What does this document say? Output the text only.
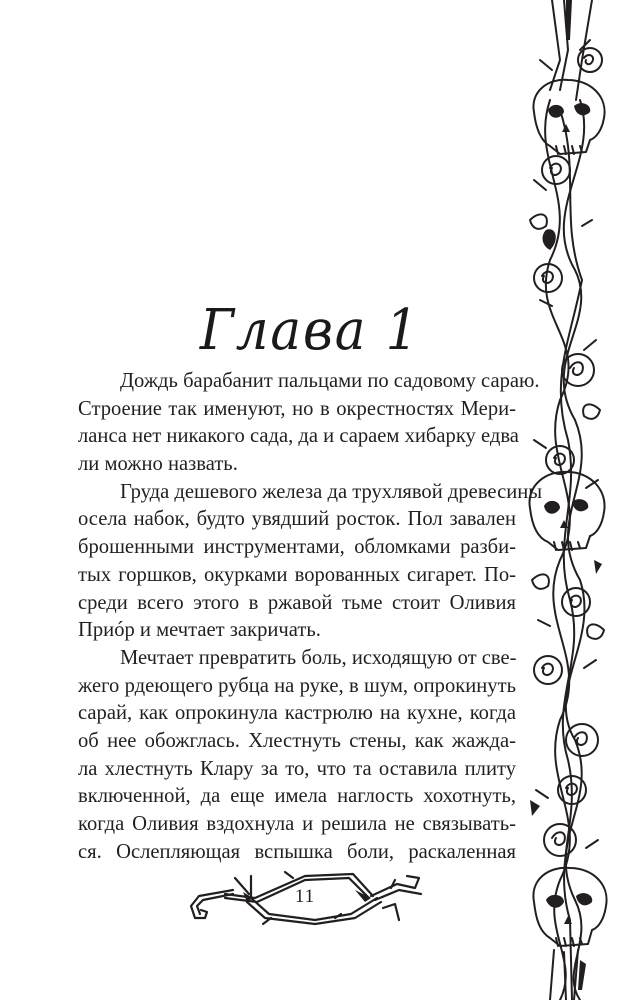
Глава 1
Дождь барабанит пальцами по садовому сараю.
Строение так именуют, но в окрестностях Мери-
ланса нет никакого сада, да и сараем хибарку едва
ли можно назвать.
Груда дешевого железа да трухлявой древесины
осела набок, будто увядший росток. Пол завален
брошенными инструментами, обломками разби-
тых горшков, окурками ворованных сигарет. По-
среди всего этого в ржавой тьме стоит Оливия
Приóр и мечтает закричать.
Мечтает превратить боль, исходящую от све-
жего рдеющего рубца на руке, в шум, опрокинуть
сарай, как опрокинула кастрюлю на кухне, когда
об нее обожглась. Хлестнуть стены, как жажда-
ла хлестнуть Клару за то, что та оставила плиту
включенной, да еще имела наглость хохотнуть,
когда Оливия вздохнула и решила не связывать-
ся. Ослепляющая вспышка боли, раскаленная
11
